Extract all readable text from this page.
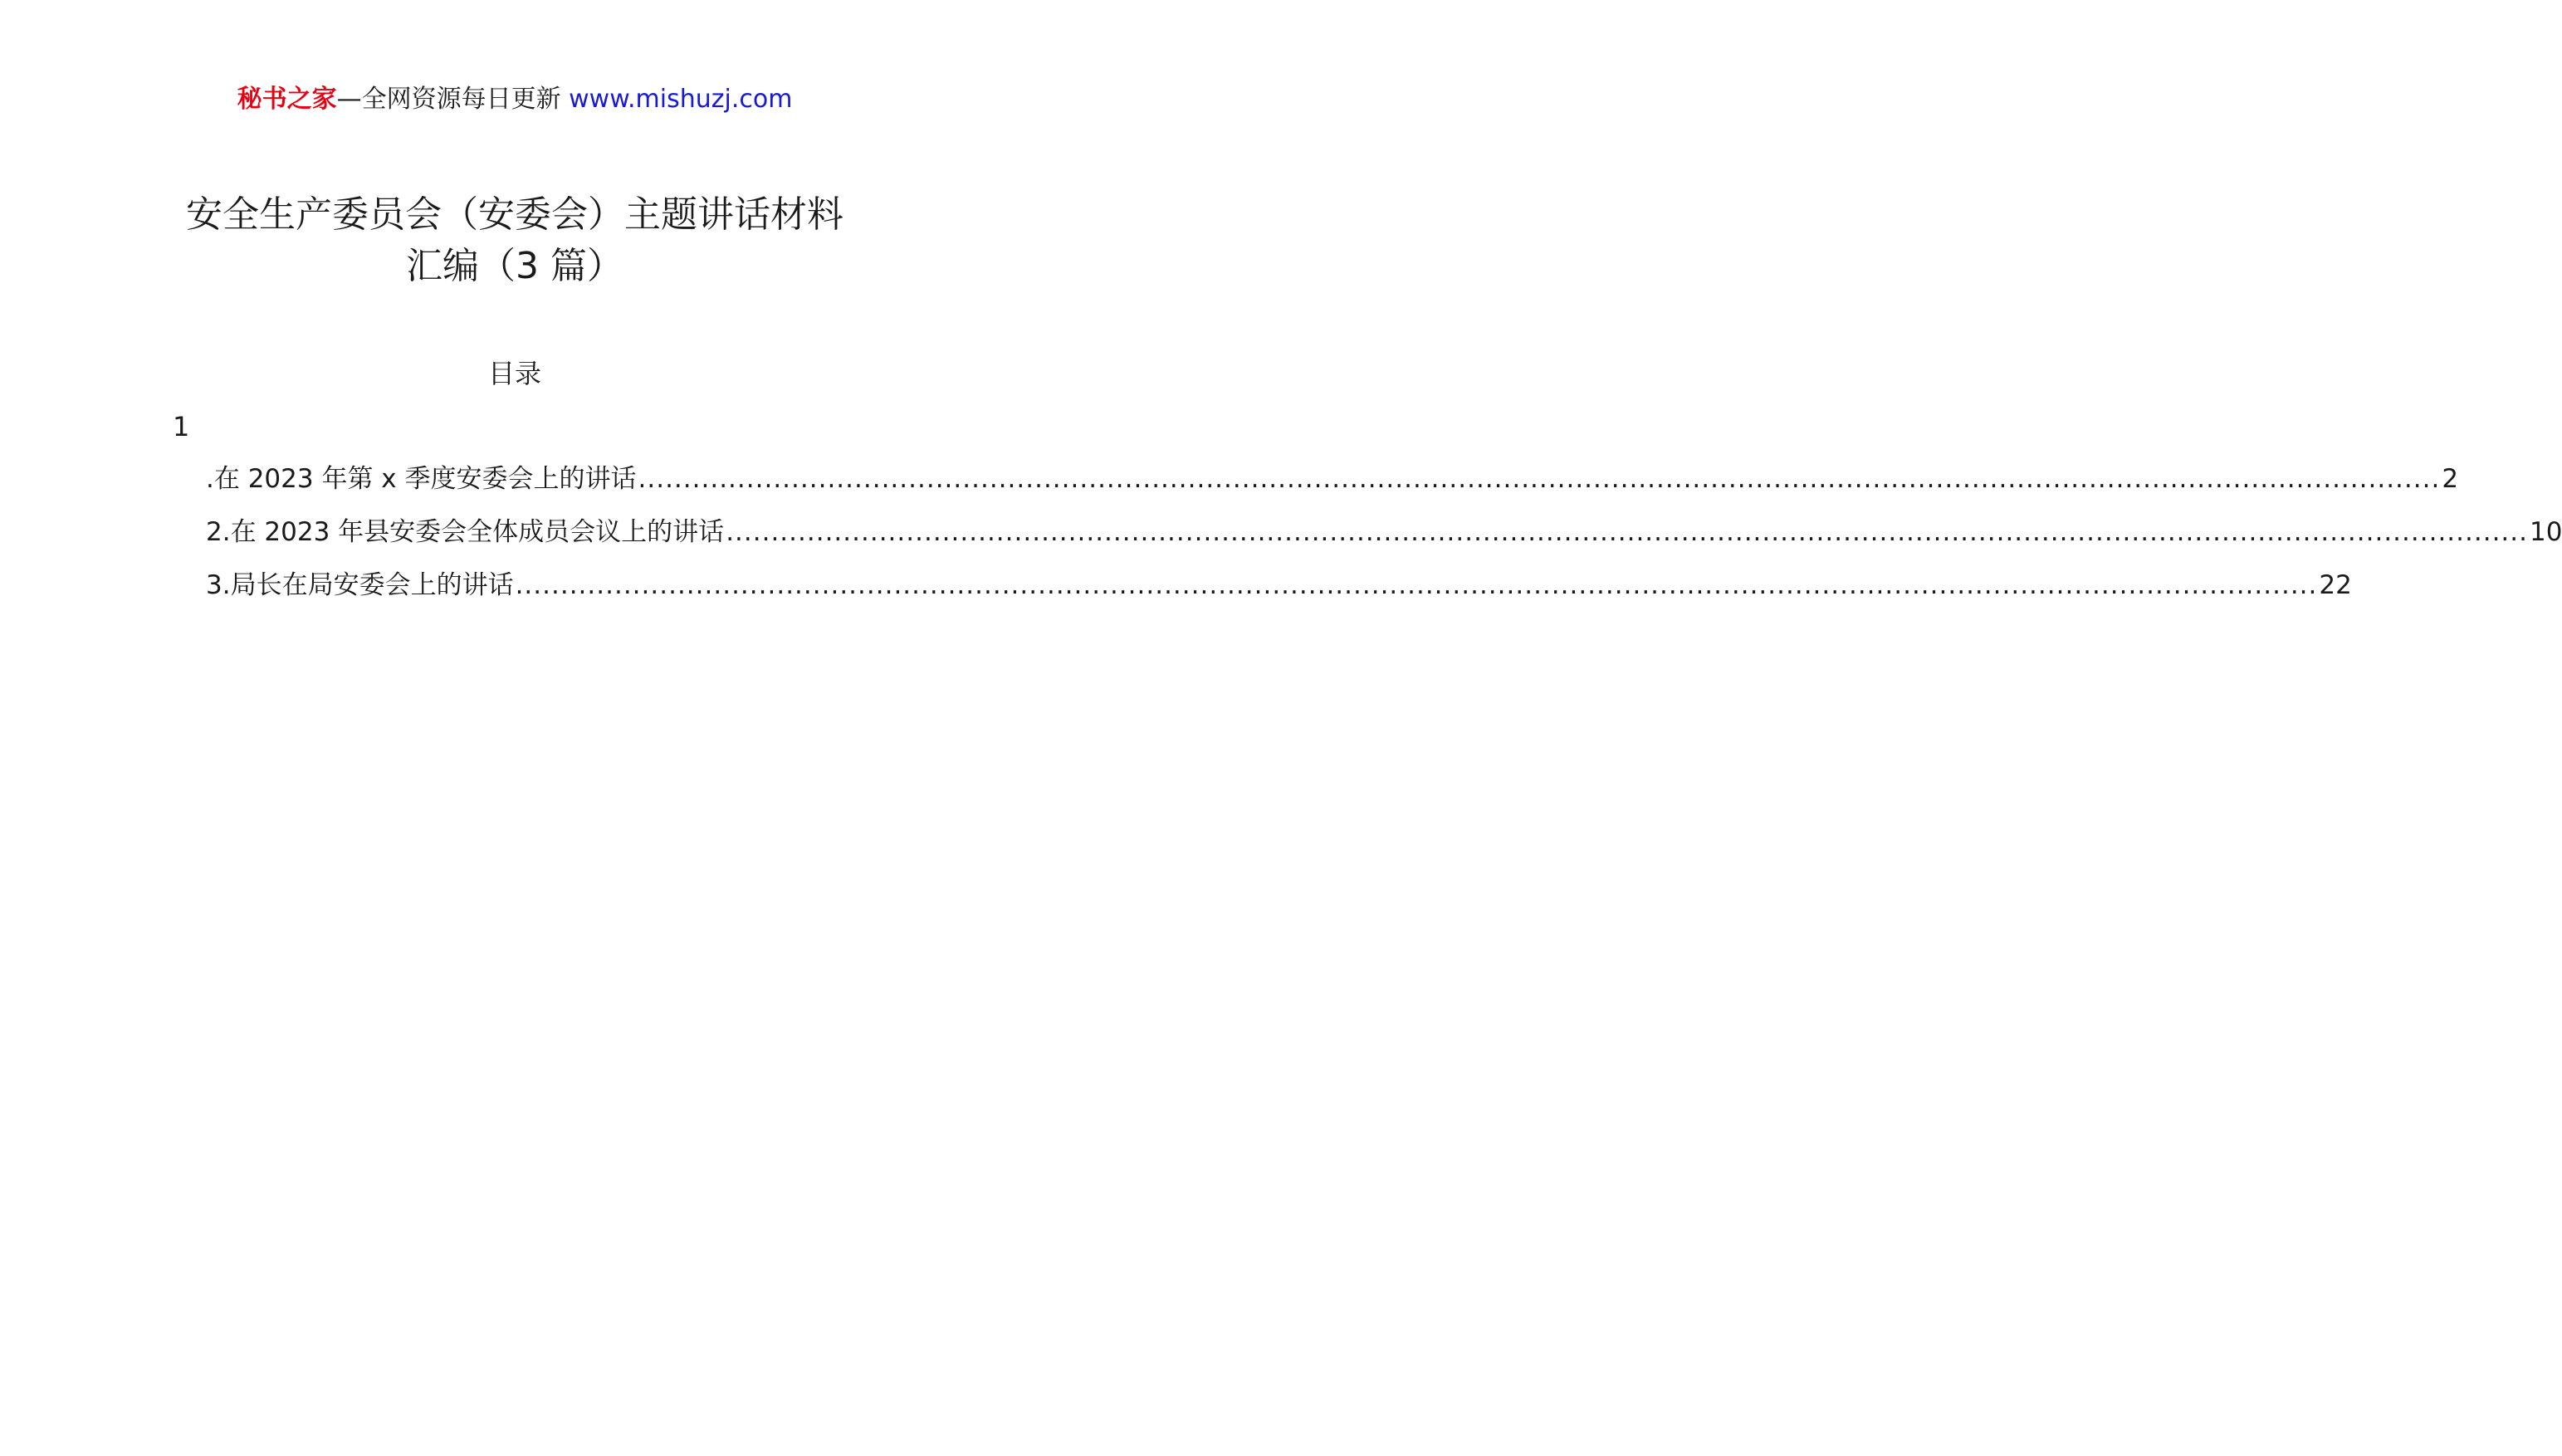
秘书之家—全网资源每日更新 www.mishuzj.com
安全生产委员会（安委会）主题讲话材料
汇编（3 篇）
目录
1
.在 2023 年第 x 季度安委会上的讲话 ........................................................................................................................................................................................................ 2
2.在 2023 年县安委会全体成员会议上的讲话 ........................................................................................................................................................................................................ 10
3.局长在局安委会上的讲话 ........................................................................................................................................................................................................ 22
